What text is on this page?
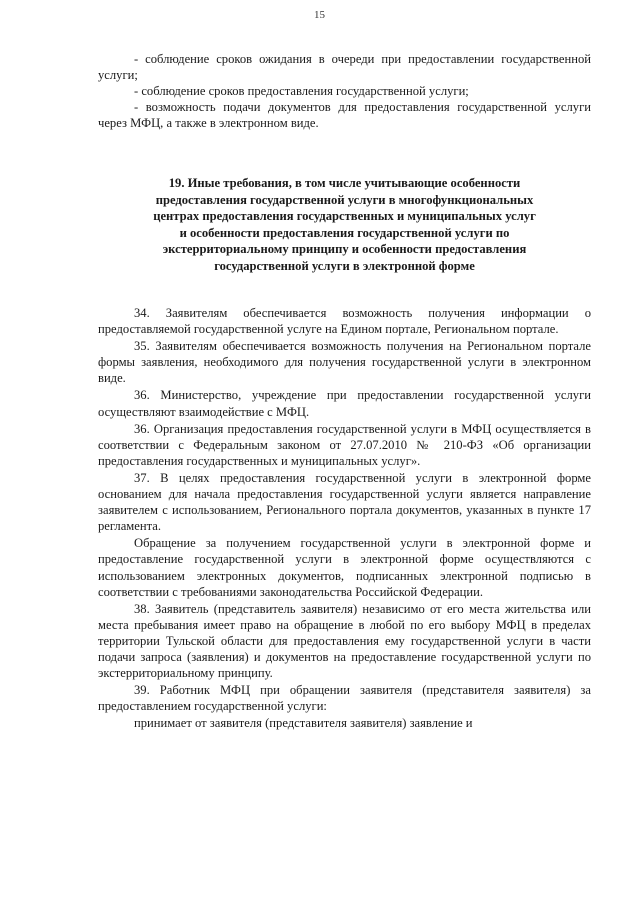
15

- соблюдение сроков ожидания в очереди при предоставлении государственной услуги;

- соблюдение сроков предоставления государственной услуги;

- возможность подачи документов для предоставления государственной услуги через МФЦ, а также в электронном виде.

19. Иные требования, в том числе учитывающие особенности
предоставления государственной услуги в многофункциональных
центрах предоставления государственных и муниципальных услуг
и особенности предоставления государственной услуги по
экстерриториальному принципу и особенности предоставления
государственной услуги в электронной форме

34. Заявителям обеспечивается возможность получения информации о предоставляемой государственной услуге на Едином портале, Региональном портале.

35. Заявителям обеспечивается возможность получения на Региональном портале формы заявления, необходимого для получения государственной услуги в электронном виде.

36. Министерство, учреждение при предоставлении государственной услуги осуществляют взаимодействие с МФЦ.

36. Организация предоставления государственной услуги в МФЦ осуществляется в соответствии с Федеральным законом от 27.07.2010 № 210-ФЗ «Об организации предоставления государственных и муниципальных услуг».

37. В целях предоставления государственной услуги в электронной форме основанием для начала предоставления государственной услуги является направление заявителем с использованием, Регионального портала документов, указанных в пункте 17 регламента.

Обращение за получением государственной услуги в электронной форме и предоставление государственной услуги в электронной форме осуществляются с использованием электронных документов, подписанных электронной подписью в соответствии с требованиями законодательства Российской Федерации.

38. Заявитель (представитель заявителя) независимо от его места жительства или места пребывания имеет право на обращение в любой по его выбору МФЦ в пределах территории Тульской области для предоставления ему государственной услуги в части подачи запроса (заявления) и документов на предоставление государственной услуги по экстерриториальному принципу.

39. Работник МФЦ при обращении заявителя (представителя заявителя) за предоставлением государственной услуги:

принимает от заявителя (представителя заявителя) заявление и
